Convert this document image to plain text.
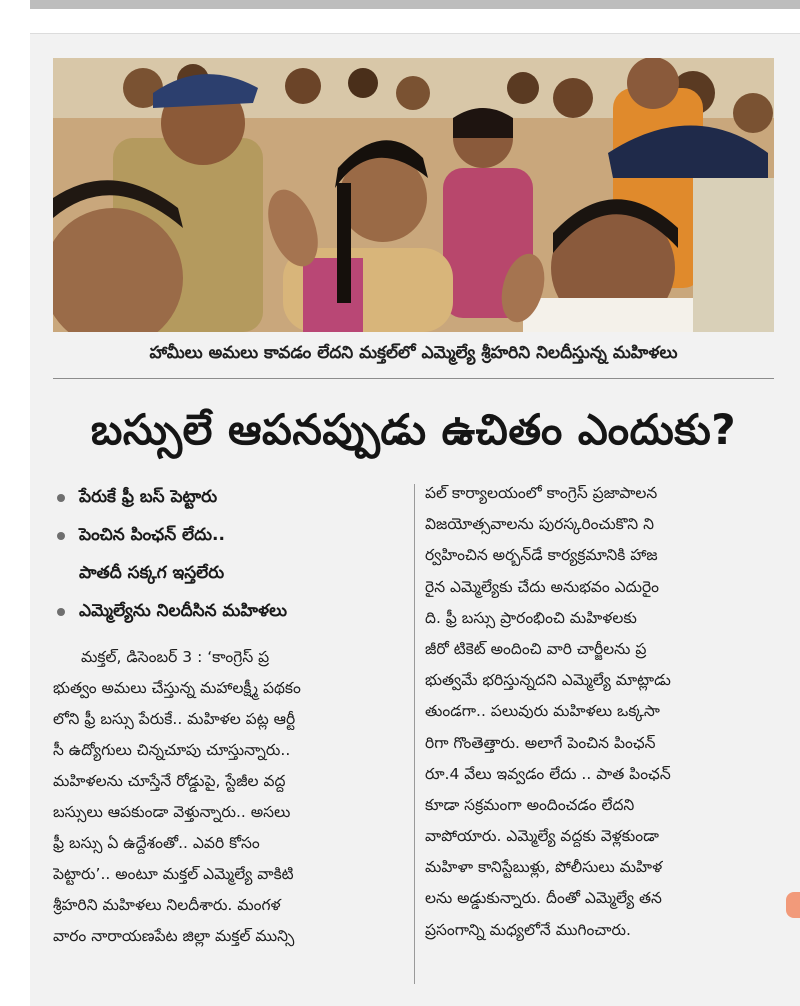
హామీలు అమలు కావడం లేదని మక్తల్‌లో ఎమ్మెల్యే శ్రీహరిని నిలదీస్తున్న మహిళలు
బస్సులే ఆపనప్పుడు ఉచితం ఎందుకు?
పేరుకే ఫ్రీ బస్ పెట్టారు
పెంచిన పింఛన్ లేదు..
పాతదీ సక్కగ ఇస్తలేరు
ఎమ్మెల్యేను నిలదీసిన మహిళలు
మక్తల్, డిసెంబర్ 3 : ‘కాంగ్రెస్ ప్ర
భుత్వం అమలు చేస్తున్న మహాలక్ష్మీ పథకం
లోని ఫ్రీ బస్సు పేరుకే.. మహిళల పట్ల ఆర్టీ
సీ ఉద్యోగులు చిన్నచూపు చూస్తున్నారు..
మహిళలను చూస్తేనే రోడ్డుపై, స్టేజీల వద్ద
బస్సులు ఆపకుండా వెళ్తున్నారు.. అసలు
ఫ్రీ బస్సు ఏ ఉద్దేశంతో.. ఎవరి కోసం
పెట్టారు’.. అంటూ మక్తల్ ఎమ్మెల్యే వాకిటి
శ్రీహరిని మహిళలు నిలదీశారు. మంగళ
వారం నారాయణపేట జిల్లా మక్తల్ మున్సి
పల్ కార్యాలయంలో కాంగ్రెస్ ప్రజాపాలన
విజయోత్సవాలను పురస్కరించుకొని ని
ర్వహించిన అర్బన్‌డే కార్యక్రమానికి హాజ
రైన ఎమ్మెల్యేకు చేదు అనుభవం ఎదురైం
ది. ఫ్రీ బస్సు ప్రారంభించి మహిళలకు
జీరో టికెట్ అందించి వారి చార్జీలను ప్ర
భుత్వమే భరిస్తున్నదని ఎమ్మెల్యే మాట్లాడు
తుండగా.. పలువురు మహిళలు ఒక్కసా
రిగా గొంతెత్తారు. అలాగే పెంచిన పింఛన్
రూ.4 వేలు ఇవ్వడం లేదు .. పాత పింఛన్
కూడా సక్రమంగా అందించడం లేదని
వాపోయారు. ఎమ్మెల్యే వద్దకు వెళ్లకుండా
మహిళా కానిస్టేబుళ్లు, పోలీసులు మహిళ
లను అడ్డుకున్నారు. దీంతో ఎమ్మెల్యే తన
ప్రసంగాన్ని మధ్యలోనే ముగించారు.
